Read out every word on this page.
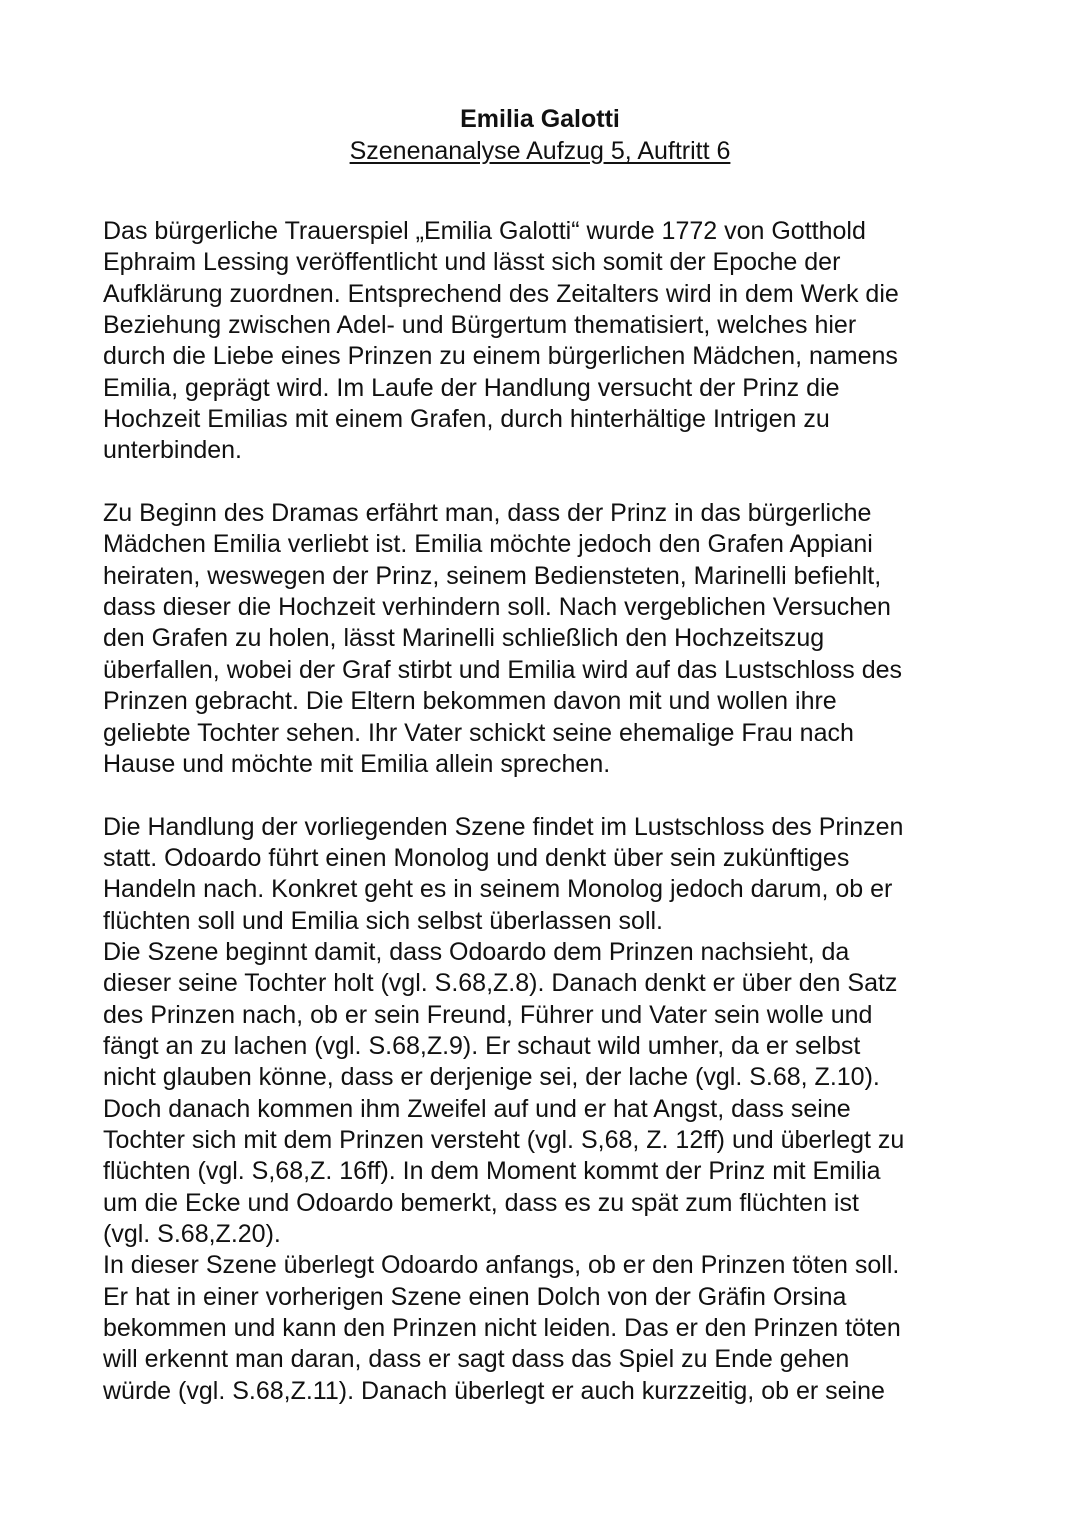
Emilia Galotti
Szenenanalyse Aufzug 5, Auftritt 6
Das bürgerliche Trauerspiel „Emilia Galotti“ wurde 1772 von Gotthold
Ephraim Lessing veröffentlicht und lässt sich somit der Epoche der
Aufklärung zuordnen. Entsprechend des Zeitalters wird in dem Werk die
Beziehung zwischen Adel- und Bürgertum thematisiert, welches hier
durch die Liebe eines Prinzen zu einem bürgerlichen Mädchen, namens
Emilia, geprägt wird. Im Laufe der Handlung versucht der Prinz die
Hochzeit Emilias mit einem Grafen, durch hinterhältige Intrigen zu
unterbinden.
Zu Beginn des Dramas erfährt man, dass der Prinz in das bürgerliche
Mädchen Emilia verliebt ist. Emilia möchte jedoch den Grafen Appiani
heiraten, weswegen der Prinz, seinem Bediensteten, Marinelli befiehlt,
dass dieser die Hochzeit verhindern soll. Nach vergeblichen Versuchen
den Grafen zu holen, lässt Marinelli schließlich den Hochzeitszug
überfallen, wobei der Graf stirbt und Emilia wird auf das Lustschloss des
Prinzen gebracht. Die Eltern bekommen davon mit und wollen ihre
geliebte Tochter sehen. Ihr Vater schickt seine ehemalige Frau nach
Hause und möchte mit Emilia allein sprechen.
Die Handlung der vorliegenden Szene findet im Lustschloss des Prinzen
statt. Odoardo führt einen Monolog und denkt über sein zukünftiges
Handeln nach. Konkret geht es in seinem Monolog jedoch darum, ob er
flüchten soll und Emilia sich selbst überlassen soll.
Die Szene beginnt damit, dass Odoardo dem Prinzen nachsieht, da
dieser seine Tochter holt (vgl. S.68,Z.8). Danach denkt er über den Satz
des Prinzen nach, ob er sein Freund, Führer und Vater sein wolle und
fängt an zu lachen (vgl. S.68,Z.9). Er schaut wild umher, da er selbst
nicht glauben könne, dass er derjenige sei, der lache (vgl. S.68, Z.10).
Doch danach kommen ihm Zweifel auf und er hat Angst, dass seine
Tochter sich mit dem Prinzen versteht (vgl. S,68, Z. 12ff) und überlegt zu
flüchten (vgl. S,68,Z. 16ff). In dem Moment kommt der Prinz mit Emilia
um die Ecke und Odoardo bemerkt, dass es zu spät zum flüchten ist
(vgl. S.68,Z.20).
In dieser Szene überlegt Odoardo anfangs, ob er den Prinzen töten soll.
Er hat in einer vorherigen Szene einen Dolch von der Gräfin Orsina
bekommen und kann den Prinzen nicht leiden. Das er den Prinzen töten
will erkennt man daran, dass er sagt dass das Spiel zu Ende gehen
würde (vgl. S.68,Z.11). Danach überlegt er auch kurzzeitig, ob er seine
